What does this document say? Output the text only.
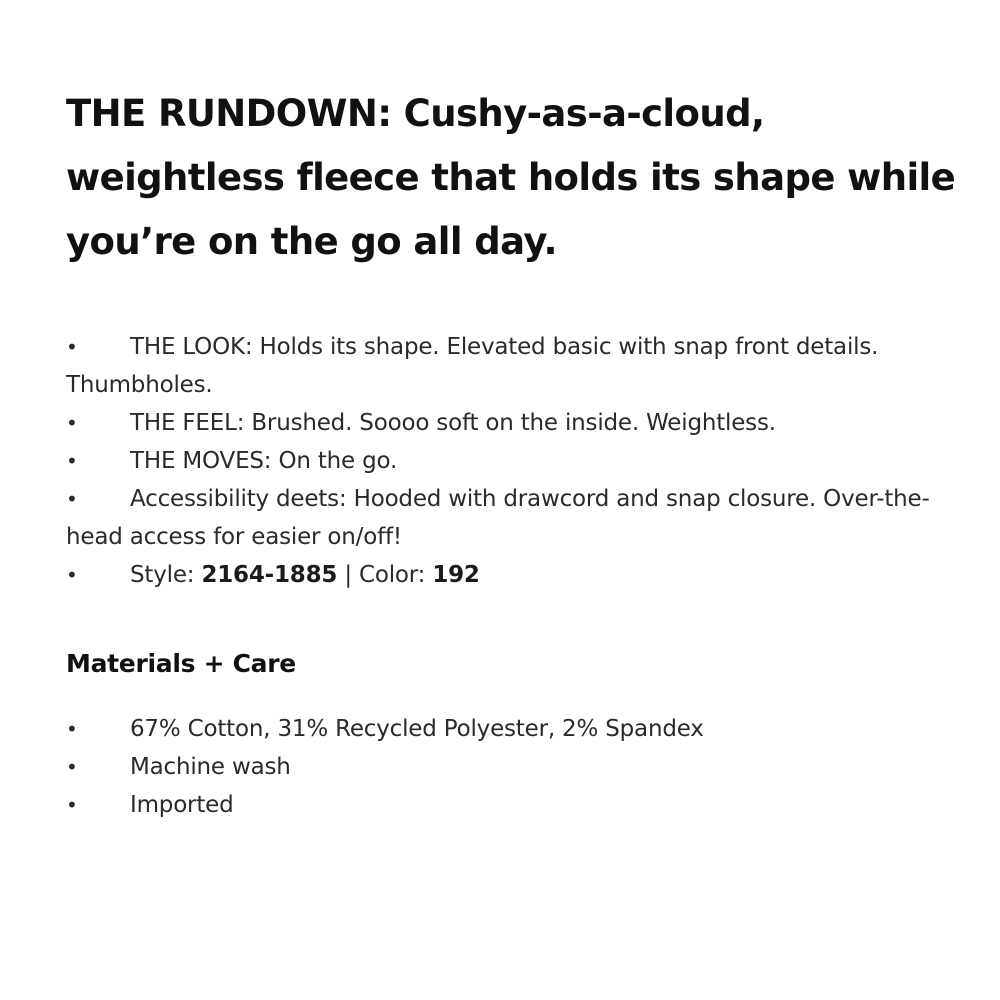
THE RUNDOWN: Cushy-as-a-cloud, weightless fleece that holds its shape while you’re on the go all day.
• THE LOOK: Holds its shape. Elevated basic with snap front details. Thumbholes.
• THE FEEL: Brushed. Soooo soft on the inside. Weightless.
• THE MOVES: On the go.
• Accessibility deets: Hooded with drawcord and snap closure. Over-the-head access for easier on/off!
• Style: 2164-1885 | Color: 192
Materials + Care
• 67% Cotton, 31% Recycled Polyester, 2% Spandex
• Machine wash
• Imported
